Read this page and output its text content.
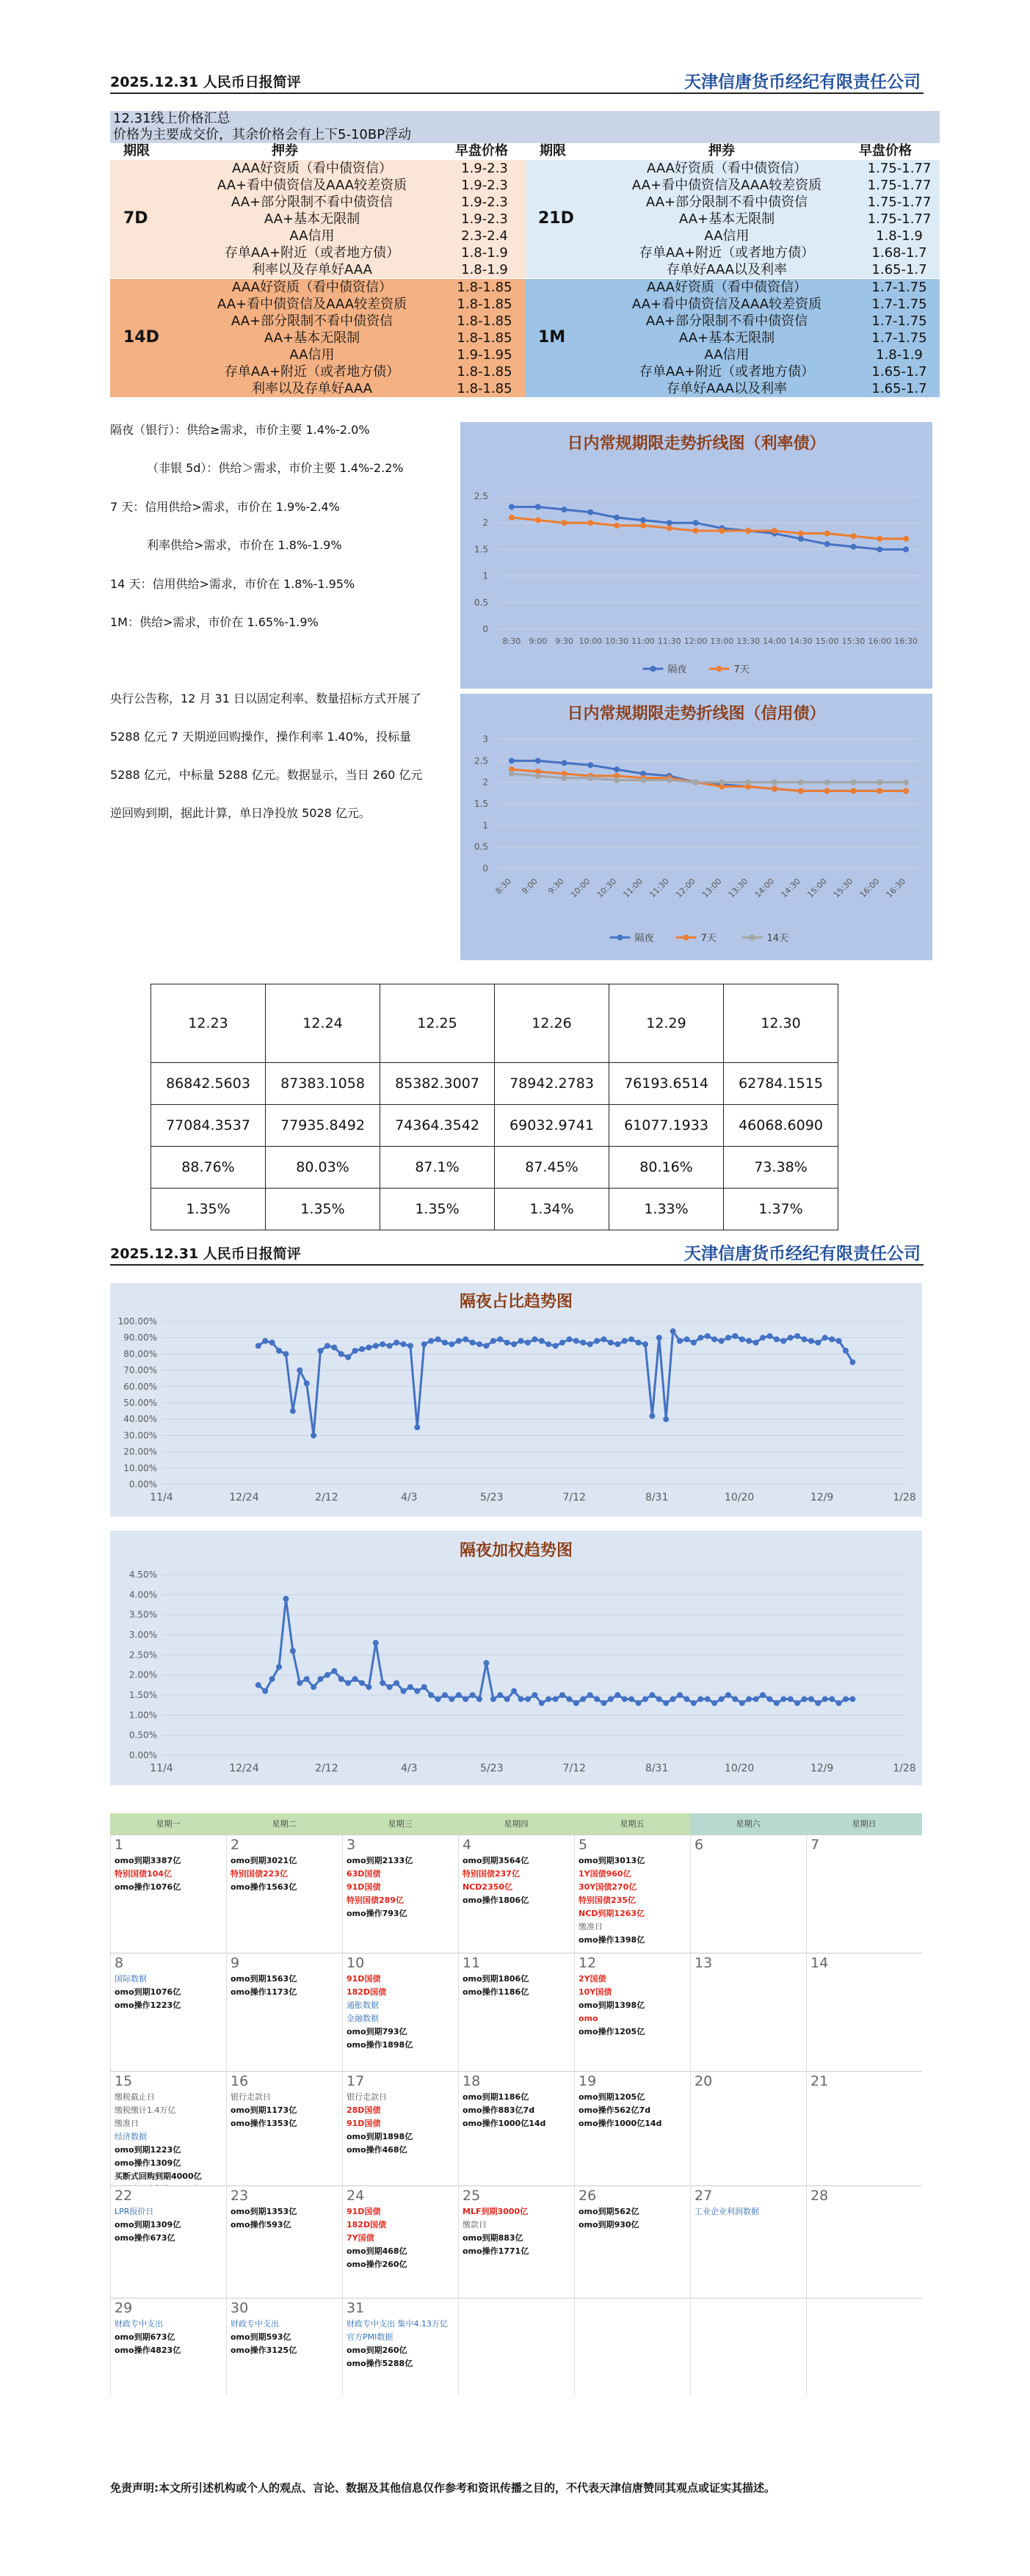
2025.12.31 人民币日报简评	天津信唐货币经纪有限责任公司
12.31线上价格汇总
价格为主要成交价，其余价格会有上下5-10BP浮动
期限	押券	早盘价格 期限	押券	早盘价格
7D
AAA好资质（看中债资信）	1.9-2.3
AA+看中债资信及AAA较差资质	1.9-2.3
AA+部分限制不看中债资信	1.9-2.3
AA+基本无限制	1.9-2.3
AA信用	2.3-2.4
存单AA+附近（或者地方债）	1.8-1.9
利率以及存单好AAA	1.8-1.9
21D
AAA好资质（看中债资信）	1.75-1.77
AA+看中债资信及AAA较差资质	1.75-1.77
AA+部分限制不看中债资信	1.75-1.77
AA+基本无限制	1.75-1.77
AA信用	1.8-1.9
存单AA+附近（或者地方债）	1.68-1.7
存单好AAA以及利率	1.65-1.7
14D
AAA好资质（看中债资信）	1.8-1.85
AA+看中债资信及AAA较差资质	1.8-1.85
AA+部分限制不看中债资信	1.8-1.85
AA+基本无限制	1.8-1.85
AA信用	1.9-1.95
存单AA+附近（或者地方债）	1.8-1.85
利率以及存单好AAA	1.8-1.85
1M
AAA好资质（看中债资信）	1.7-1.75
AA+看中债资信及AAA较差资质	1.7-1.75
AA+部分限制不看中债资信	1.7-1.75
AA+基本无限制	1.7-1.75
AA信用	1.8-1.9
存单AA+附近（或者地方债）	1.65-1.7
存单好AAA以及利率	1.65-1.7
隔夜（银行）：供给≥需求，市价主要 1.4%-2.0%
（非银 5d）：供给＞需求，市价主要 1.4%-2.2%
7 天：信用供给>需求，市价在 1.9%-2.4%
利率供给>需求，市价在 1.8%-1.9%
14 天：信用供给>需求，市价在 1.8%-1.95%
1M：供给>需求，市价在 1.65%-1.9%
央行公告称，12 月 31 日以固定利率、数量招标方式开展了
5288 亿元 7 天期逆回购操作，操作利率 1.40%，投标量
5288 亿元，中标量 5288 亿元。数据显示，当日 260 亿元
逆回购到期，据此计算，单日净投放 5028 亿元。
日内常规期限走势折线图（利率债）
0
0.5
1
1.5
2
2.5
8:30 9:00 9:30 10:00 10:30 11:00 11:30 12:00 13:00 13:30 14:00 14:30 15:00 15:30 16:00 16:30
隔夜	7天
日内常规期限走势折线图（信用债）
0
0.5
1
1.5
2
2.5
3
8:30 9:00 9:30 10:00 10:30 11:00 11:30 12:00 13:00 13:30 14:00 14:30 15:00 15:30 16:00 16:30
隔夜	7天	14天
12.23	12.24	12.25	12.26	12.29	12.30
86842.5603	87383.1058	85382.3007	78942.2783	76193.6514	62784.1515
77084.3537	77935.8492	74364.3542	69032.9741	61077.1933	46068.6090
88.76%	80.03%	87.1%	87.45%	80.16%	73.38%
1.35%	1.35%	1.35%	1.34%	1.33%	1.37%
2025.12.31 人民币日报简评	天津信唐货币经纪有限责任公司
隔夜占比趋势图
0.00%
10.00%
20.00%
30.00%
40.00%
50.00%
60.00%
70.00%
80.00%
90.00%
100.00%
11/4	12/24	2/12	4/3	5/23	7/12	8/31	10/20	12/9	1/28
隔夜加权趋势图
0.00%
0.50%
1.00%
1.50%
2.00%
2.50%
3.00%
3.50%
4.00%
4.50%
11/4	12/24	2/12	4/3	5/23	7/12	8/31	10/20	12/9	1/28
星期一	星期二	星期三	星期四	星期五	星期六	星期日
1
omo到期3387亿
特别国债104亿
omo操作1076亿
2
omo到期3021亿
特别国债223亿
omo操作1563亿
3
omo到期2133亿
63D国债
91D国债
特别国债289亿
omo操作793亿
4
omo到期3564亿
特别国债237亿
NCD2350亿
omo操作1806亿
5
omo到期3013亿
1Y国债960亿
30Y国债270亿
特别国债235亿
NCD到期1263亿
缴准日
omo操作1398亿
6	7
8
国际数据
omo到期1076亿
omo操作1223亿
9
omo到期1563亿
omo操作1173亿
10
91D国债
182D国债
通胀数据
金融数据
omo到期793亿
omo操作1898亿
11
omo到期1806亿
omo操作1186亿
12
2Y国债
10Y国债
omo到期1398亿
omo
omo操作1205亿
13	14
15
缴税截止日
缴税缴计1.4万亿
缴准日
经济数据
omo到期1223亿
omo操作1309亿
买断式回购到期4000亿
16
银行走款日
omo到期1173亿
omo操作1353亿
17
银行走款日
28D国债
91D国债
omo到期1898亿
omo操作468亿
18
omo到期1186亿
omo操作883亿7d
omo操作1000亿14d
19
omo到期1205亿
omo操作562亿7d
omo操作1000亿14d
20	21
22
LPR报价日
omo到期1309亿
omo操作673亿
23
omo到期1353亿
omo操作593亿
24
91D国债
182D国债
7Y国债
omo到期468亿
omo操作260亿
25
MLF到期3000亿
缴款日
omo到期883亿
omo操作1771亿
26
omo到期562亿
omo到期930亿
27
工业企业利润数据
28
29
财政专中支出
omo到期673亿
omo操作4823亿
30
财政专中支出
omo到期593亿
omo操作3125亿
31
财政专中支出 集中4.13万亿
官方PMI数据
omo到期260亿
omo操作5288亿
免责声明:本文所引述机构或个人的观点、言论、数据及其他信息仅作参考和资讯传播之目的，不代表天津信唐赞同其观点或证实其描述。
